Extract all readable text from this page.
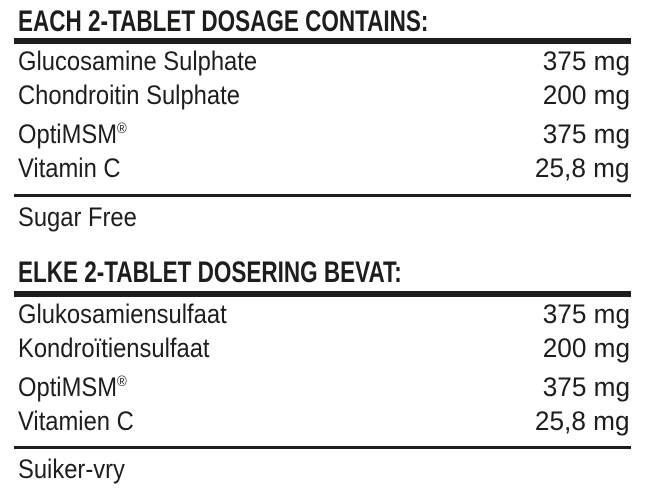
EACH 2-TABLET DOSAGE CONTAINS:
Glucosamine Sulphate	375 mg
Chondroitin Sulphate	200 mg
OptiMSM®	375 mg
Vitamin C	25,8 mg
Sugar Free
ELKE 2-TABLET DOSERING BEVAT:
Glukosamiensulfaat	375 mg
Kondroïtiensulfaat	200 mg
OptiMSM®	375 mg
Vitamien C	25,8 mg
Suiker-vry
